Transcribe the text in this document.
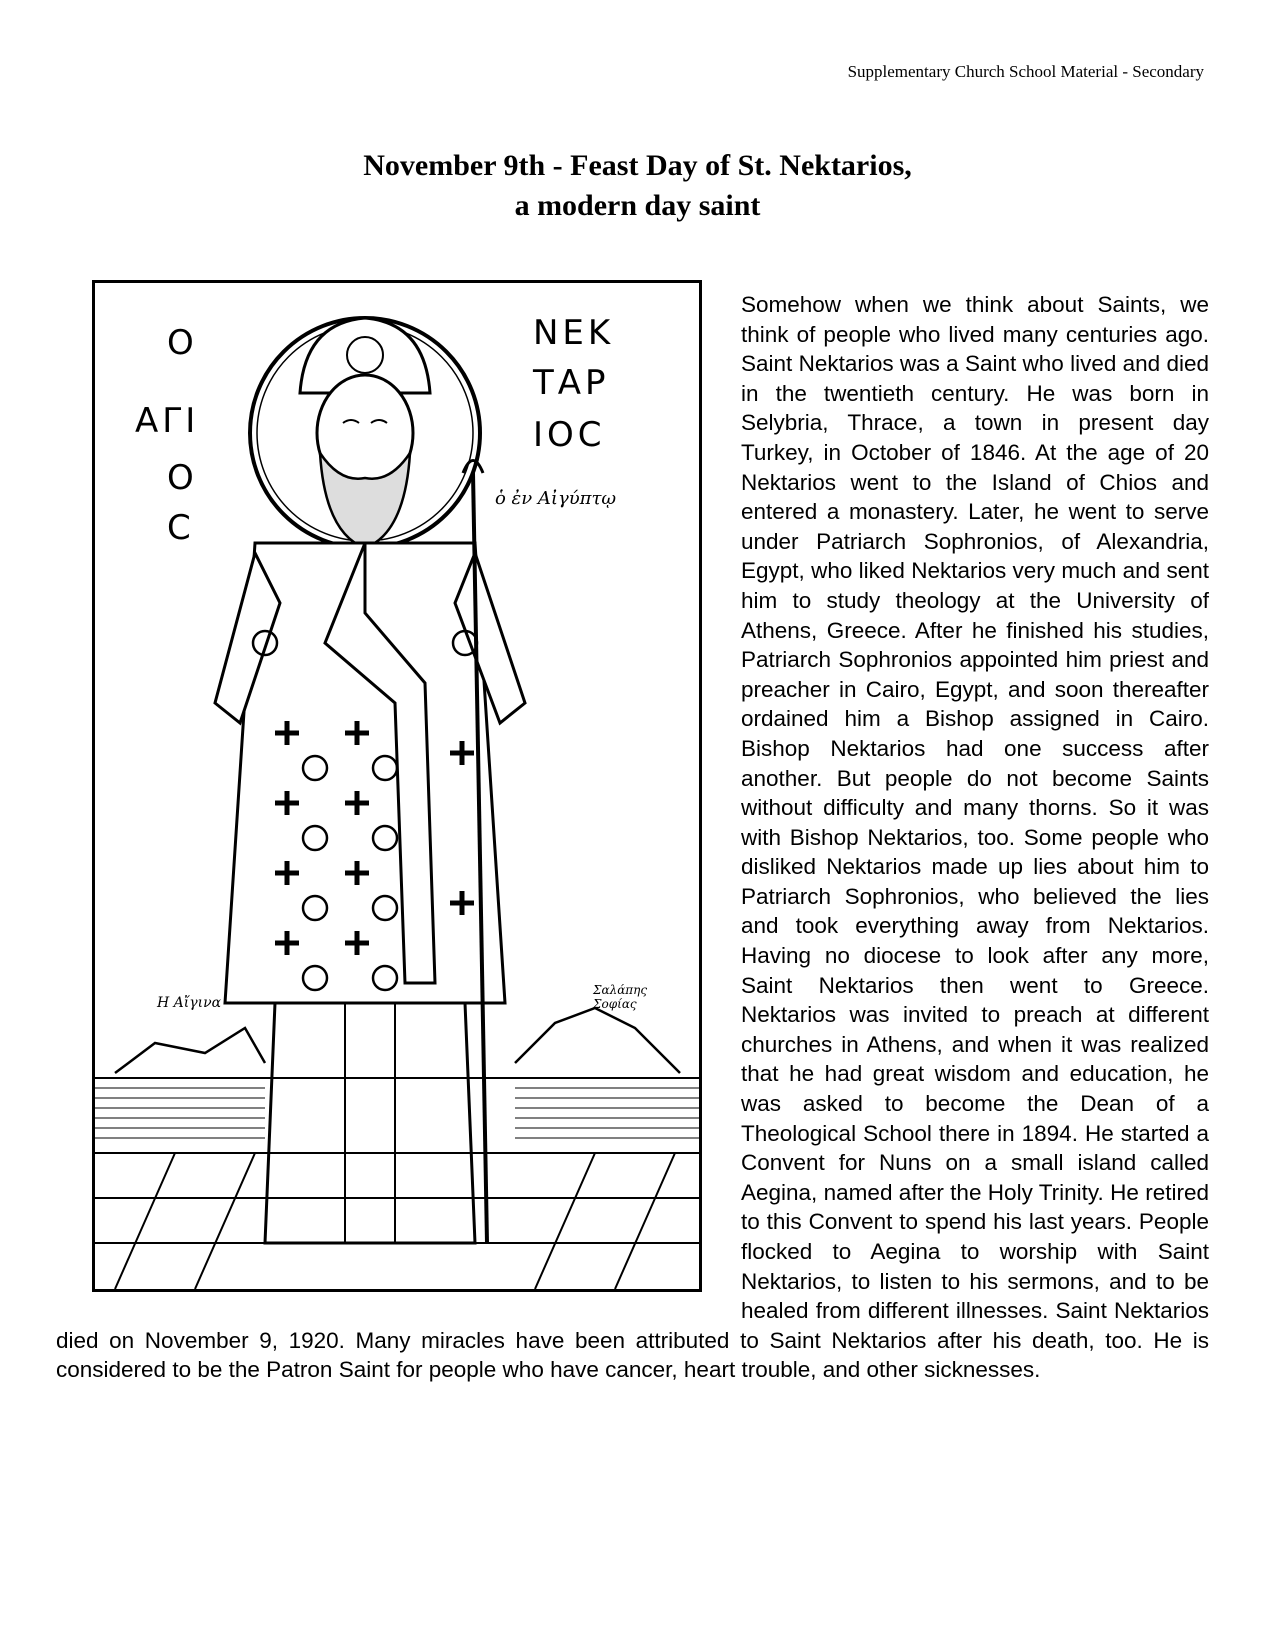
Supplementary Church School Material - Secondary
November 9th - Feast Day of St. Nektarios,
a modern day saint
Ο
ΑΓΙ
Ο
С
ΝΕΚ
ΤΑΡ
ΙΟC
ὁ ἐν Αἰγύπτῳ
Η Αἴγινα
Σαλάπης Σοφίας

Somehow when we think about Saints, we think of people who lived many centuries ago. Saint Nektarios was a Saint who lived and died in the twentieth century. He was born in Selybria, Thrace, a town in present day Turkey, in October of 1846. At the age of 20 Nektarios went to the Island of Chios and entered a monastery. Later, he went to serve under Patriarch Sophronios, of Alexandria, Egypt, who liked Nektarios very much and sent him to study theology at the University of Athens, Greece. After he finished his studies, Patriarch Sophronios appointed him priest and preacher in Cairo, Egypt, and soon thereafter ordained him a Bishop assigned in Cairo. Bishop Nektarios had one success after another. But people do not become Saints without difficulty and many thorns. So it was with Bishop Nektarios, too. Some people who disliked Nektarios made up lies about him to Patriarch Sophronios, who believed the lies and took everything away from Nektarios. Having no diocese to look after any more, Saint Nektarios then went to Greece. Nektarios was invited to preach at different churches in Athens, and when it was realized that he had great wisdom and education, he was asked to become the Dean of a Theological School there in 1894. He started a Convent for Nuns on a small island called Aegina, named after the Holy Trinity. He retired to this Convent to spend his last years. People flocked to Aegina to worship with Saint Nektarios, to listen to his sermons, and to be healed from different illnesses. Saint Nektarios died on November 9, 1920. Many miracles have been attributed to Saint Nektarios after his death, too. He is considered to be the Patron Saint for people who have cancer, heart trouble, and other sicknesses.
